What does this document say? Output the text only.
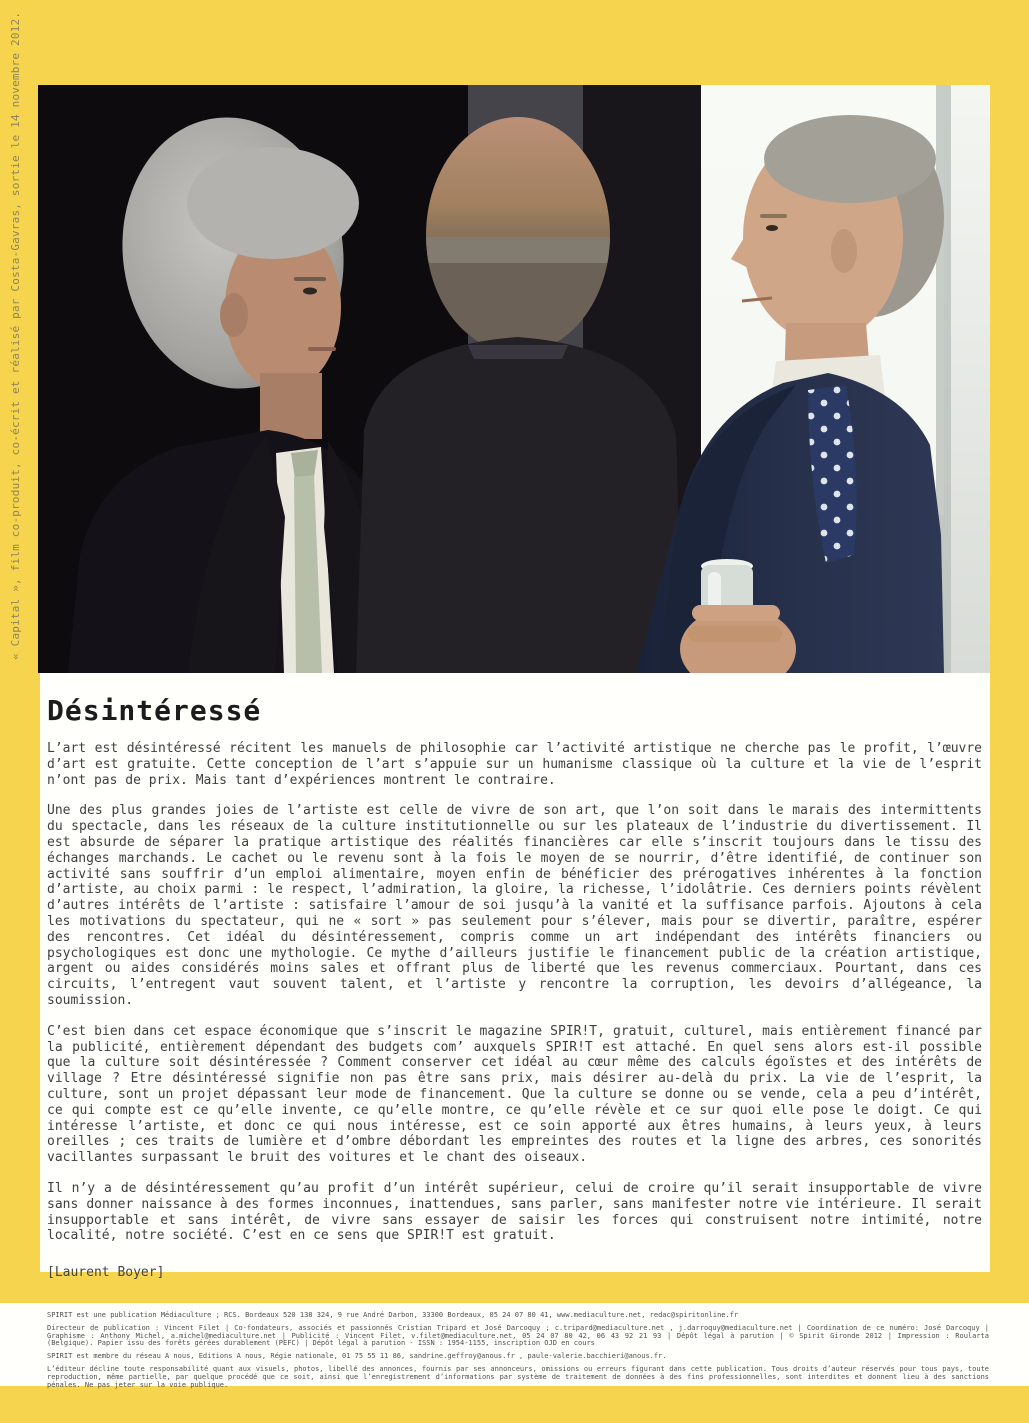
« Capital », film co-produit, co-écrit et réalisé par Costa-Gavras, sortie le 14 novembre 2012.
Désintéressé

L’art est désintéressé récitent les manuels de philosophie car l’activité artistique ne cherche pas le profit, l’œuvre d’art est gratuite. Cette conception de l’art s’appuie sur un humanisme classique où la culture et la vie de l’esprit n’ont pas de prix. Mais tant d’expériences montrent le contraire.

Une des plus grandes joies de l’artiste est celle de vivre de son art, que l’on soit dans le marais des intermittents du spectacle, dans les réseaux de la culture institutionnelle ou sur les plateaux de l’industrie du divertissement. Il est absurde de séparer la pratique artistique des réalités financières car elle s’inscrit toujours dans le tissu des échanges marchands. Le cachet ou le revenu sont à la fois le moyen de se nourrir, d’être identifié, de continuer son activité sans souffrir d’un emploi alimentaire, moyen enfin de bénéficier des prérogatives inhérentes à la fonction d’artiste, au choix parmi : le respect, l’admiration, la gloire, la richesse, l’idolâtrie. Ces derniers points révèlent d’autres intérêts de l’artiste : satisfaire l’amour de soi jusqu’à la vanité et la suffisance parfois. Ajoutons à cela les motivations du spectateur, qui ne « sort » pas seulement pour s’élever, mais pour se divertir, paraître, espérer des rencontres. Cet idéal du désintéressement, compris comme un art indépendant des intérêts financiers ou psychologiques est donc une mythologie. Ce mythe d’ailleurs justifie le financement public de la création artistique, argent ou aides considérés moins sales et offrant plus de liberté que les revenus commerciaux. Pourtant, dans ces circuits, l’entregent vaut souvent talent, et l’artiste y rencontre la corruption, les devoirs d’allégeance, la soumission.

C’est bien dans cet espace économique que s’inscrit le magazine SPIR!T, gratuit, culturel, mais entièrement financé par la publicité, entièrement dépendant des budgets com’ auxquels SPIR!T est attaché. En quel sens alors est-il possible que la culture soit désintéressée ? Comment conserver cet idéal au cœur même des calculs égoïstes et des intérêts de village ? Etre désintéressé signifie non pas être sans prix, mais désirer au-delà du prix. La vie de l’esprit, la culture, sont un projet dépassant leur mode de financement. Que la culture se donne ou se vende, cela a peu d’intérêt, ce qui compte est ce qu’elle invente, ce qu’elle montre, ce qu’elle révèle et ce sur quoi elle pose le doigt. Ce qui intéresse l’artiste, et donc ce qui nous intéresse, est ce soin apporté aux êtres humains, à leurs yeux, à leurs oreilles ; ces traits de lumière et d’ombre débordant les empreintes des routes et la ligne des arbres, ces sonorités vacillantes surpassant le bruit des voitures et le chant des oiseaux.

Il n’y a de désintéressement qu’au profit d’un intérêt supérieur, celui de croire qu’il serait insupportable de vivre sans donner naissance à des formes inconnues, inattendues, sans parler, sans manifester notre vie intérieure. Il serait insupportable et sans intérêt, de vivre sans essayer de saisir les forces qui construisent notre intimité, notre localité, notre société. C’est en ce sens que SPIR!T est gratuit.

[Laurent Boyer]

SPIRIT est une publication Médiaculture ; RCS. Bordeaux 520 138 324, 9 rue André Darbon, 33300 Bordeaux, 05 24 07 80 41, www.mediaculture.net, redac@spiritonline.fr

Directeur de publication : Vincent Filet | Co-fondateurs, associés et passionnés Cristian Tripard et José Darcoquy ; c.tripard@mediaculture.net , j.darroquy@mediaculture.net | Coordination de ce numéro: José Darcoquy | Graphisme : Anthony Michel, a.michel@mediaculture.net | Publicité : Vincent Filet, v.filet@mediaculture.net, 05 24 07 80 42, 06 43 92 21 93 | Dépôt légal à parution | © Spirit Gironde 2012 | Impression : Roularta (Belgique). Papier issu des forêts gérées durablement (PEFC) | Dépôt légal à parution - ISSN : 1954-1155, inscription OJD en cours

SPIRIT est membre du réseau A nous, Editions A nous, Régie nationale, 01 75 55 11 86, sandrine.geffroy@anous.fr , paule-valerie.bacchieri@anous.fr.

L’éditeur décline toute responsabilité quant aux visuels, photos, libellé des annonces, fournis par ses annonceurs, omissions ou erreurs figurant dans cette publication. Tous droits d’auteur réservés pour tous pays, toute reproduction, même partielle, par quelque procédé que ce soit, ainsi que l’enregistrement d’informations par système de traitement de données à des fins professionnelles, sont interdites et donnent lieu à des sanctions pénales. Ne pas jeter sur la voie publique.
